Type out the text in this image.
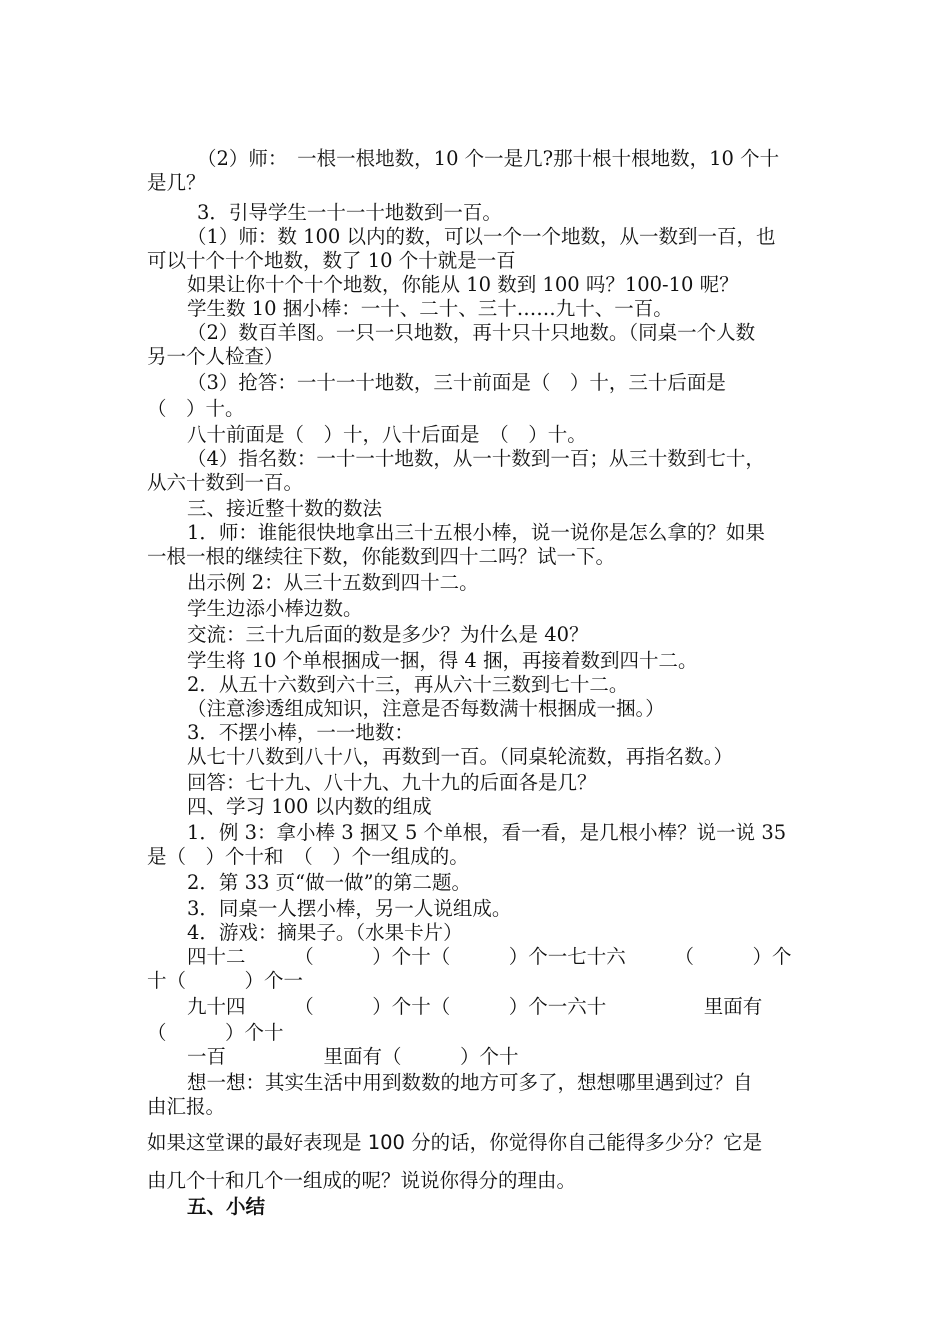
（2）师：　一根一根地数，10 个一是几?那十根十根地数，10 个十
是几？
3．引导学生一十一十地数到一百。
（1）师：数 100 以内的数，可以一个一个地数，从一数到一百，也
可以十个十个地数，数了 10 个十就是一百
如果让你十个十个地数，你能从 10 数到 100 吗？100-10 呢？
学生数 10 捆小棒：一十、二十、三十……九十、一百。
（2）数百羊图。一只一只地数，再十只十只地数。（同桌一个人数
另一个人检查）
（3）抢答：一十一十地数，三十前面是（　）十，三十后面是
（　）十。
八十前面是（　）十，八十后面是　（　）十。
（4）指名数：一十一十地数，从一十数到一百；从三十数到七十，
从六十数到一百。
三、接近整十数的数法
1．师：谁能很快地拿出三十五根小棒，说一说你是怎么拿的？如果
一根一根的继续往下数，你能数到四十二吗？试一下。
出示例 2：从三十五数到四十二。
学生边添小棒边数。
交流：三十九后面的数是多少？为什么是 40？
学生将 10 个单根捆成一捆，得 4 捆，再接着数到四十二。
2．从五十六数到六十三，再从六十三数到七十二。
（注意渗透组成知识，注意是否每数满十根捆成一捆。）
3．不摆小棒，一一地数：
从七十八数到八十八，再数到一百。（同桌轮流数，再指名数。）
回答：七十九、八十九、九十九的后面各是几？
四、学习 100 以内数的组成
1．例 3：拿小棒 3 捆又 5 个单根，看一看，是几根小棒？说一说 35
是（　）个十和　（　）个一组成的。
2．第 33 页“做一做”的第二题。
3．同桌一人摆小棒，另一人说组成。
4．游戏：摘果子。（水果卡片）
四十二　　　（　　　）个十（　　　）个一七十六　　　（　　　）个
十（　　　）个一
九十四　　　（　　　）个十（　　　）个一六十　　　　　里面有
（　　　）个十
一百　　　　　里面有（　　　）个十
想一想：其实生活中用到数数的地方可多了，想想哪里遇到过？自
由汇报。
如果这堂课的最好表现是 100 分的话，你觉得你自己能得多少分？它是
由几个十和几个一组成的呢？说说你得分的理由。
五、小结
